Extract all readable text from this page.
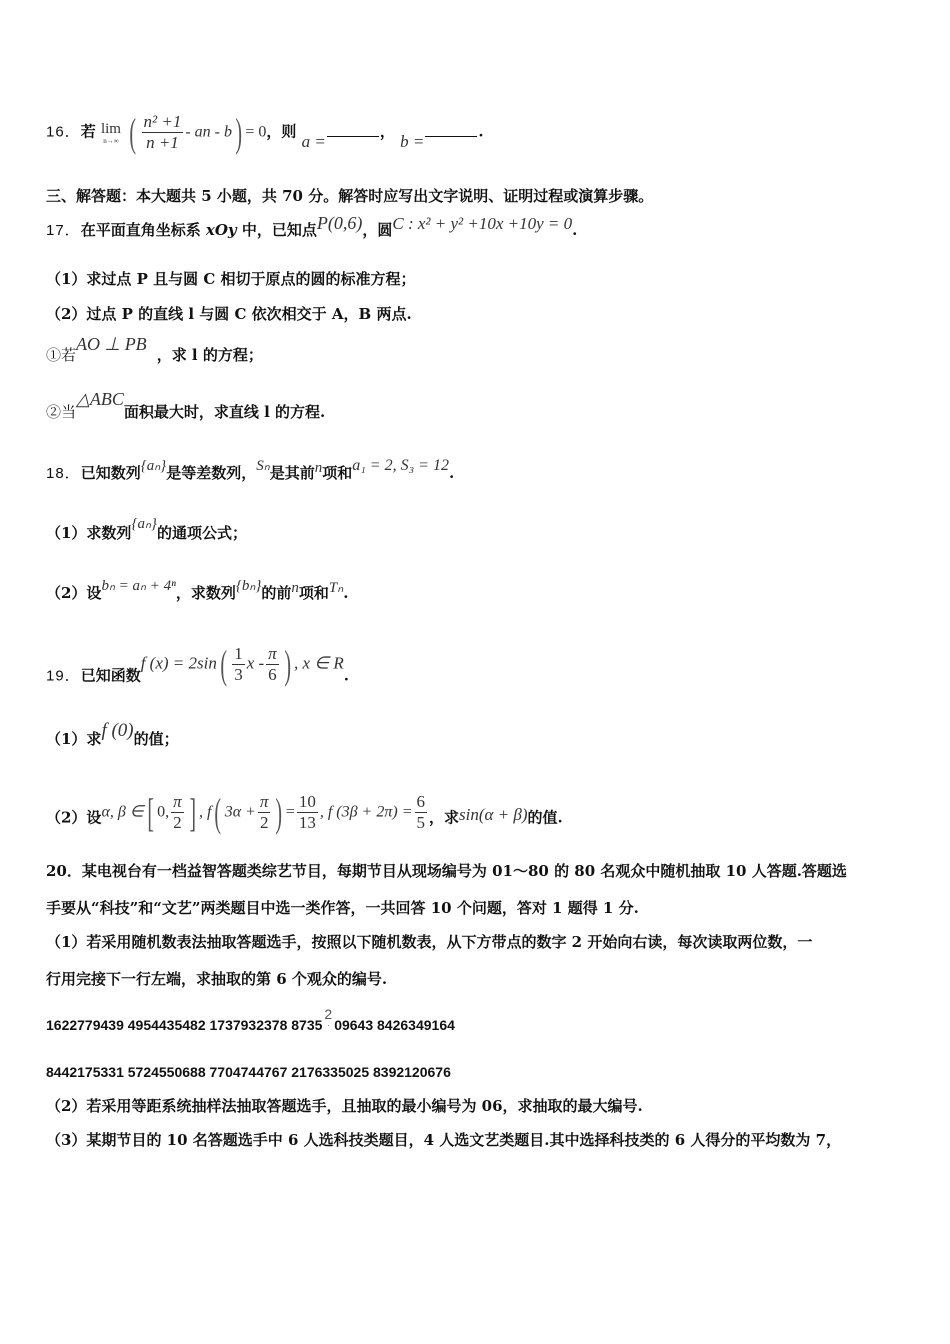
16．若 lim
n→∞ ( $\frac{\text{n² +1}}{n +1}$ - an - b) = 0，则 a =	， b =	.
三、解答题：本大题共 5 小题，共 70 分。解答时应写出文字说明、证明过程或演算步骤。
17．在平面直角坐标系 xOy 中，已知点P(0,6)，圆C : x² + y² +10x +10y = 0.
（1）求过点 P 且与圆 C 相切于原点的圆的标准方程；
（2）过点 P 的直线 l 与圆 C 依次相交于 A，B 两点.
①若AO ⊥ PB，求 l 的方程；
②当△ABC面积最大时，求直线 l 的方程.
18．已知数列{aₙ}是等差数列，Sₙ是其前n项和a₁ = 2, S₃ = 12.
（1）求数列{aₙ}的通项公式；
（2）设bₙ = aₙ + 4ⁿ，求数列{bₙ}的前n项和Tₙ.
19．已知函数f $(x) = 2\sin( \frac{1}{3}$ x - $\frac{\pi}{6}$ ) , x ∈ R.
（1）求f (0)的值；
（2）设α, β ∈[ 0, $\frac{\pi}{2}$ ] , f( $3\alpha + \frac{\pi}{2}$ ) = $\frac{10}{13}$ , f $(3\beta + 2\pi) = \frac{6}{5}$ ，求sin(α + β)的值.
20．某电视台有一档益智答题类综艺节目，每期节目从现场编号为 01～80 的 80 名观众中随机抽取 10 人答题.答题选
手要从“科技”和“文艺”两类题目中选一类作答，一共回答 10 个问题，答对 1 题得 1 分.
（1）若采用随机数表法抽取答题选手，按照以下随机数表，从下方带点的数字 2 开始向右读，每次读取两位数，一
行用完接下一行左端，求抽取的第 6 个观众的编号.
1622779439 4954435482 1737932378 8735
2
· 09643 8426349164
8442175331 5724550688 7704744767 2176335025 8392120676
（2）若采用等距系统抽样法抽取答题选手，且抽取的最小编号为 06，求抽取的最大编号.
（3）某期节目的 10 名答题选手中 6 人选科技类题目，4 人选文艺类题目.其中选择科技类的 6 人得分的平均数为 7，
